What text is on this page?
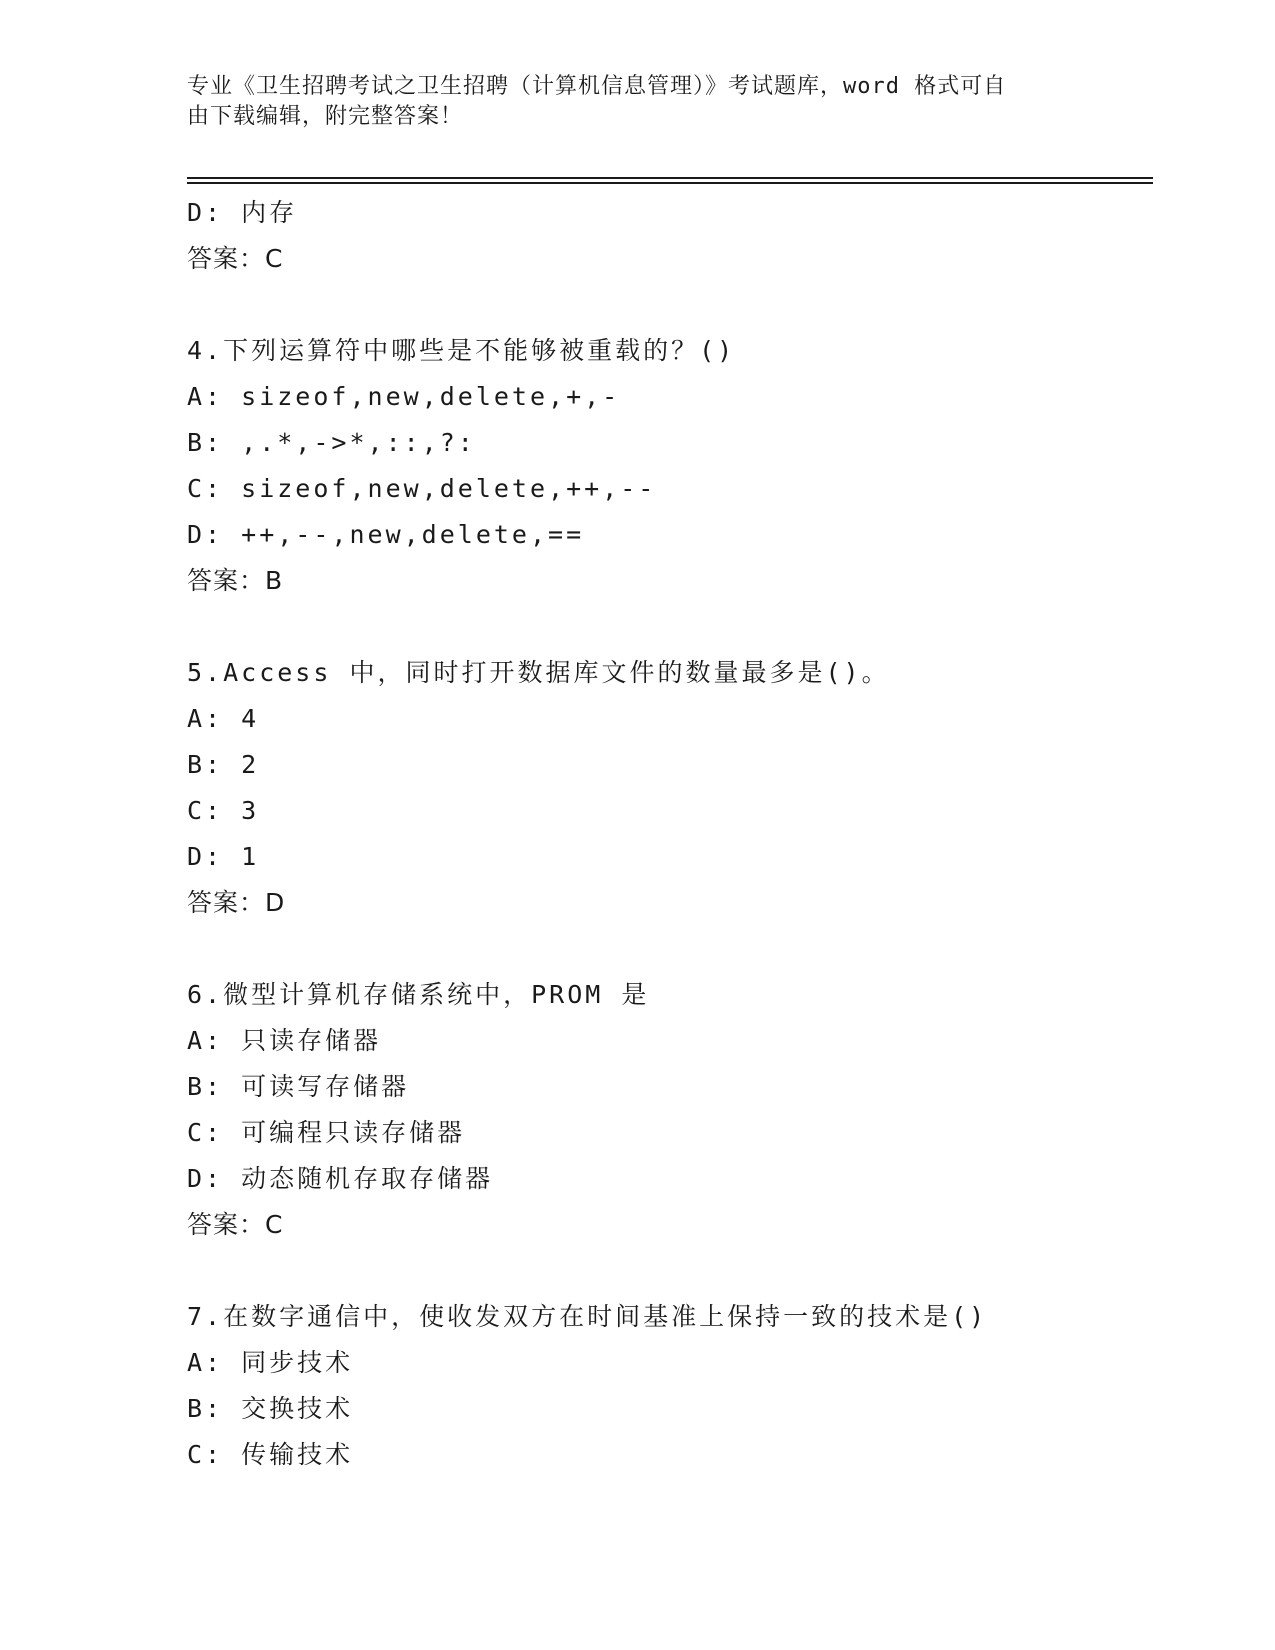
专业《卫生招聘考试之卫生招聘（计算机信息管理）》考试题库，word 格式可自
由下载编辑，附完整答案！
D: 内存
答案：C
4.下列运算符中哪些是不能够被重载的？()
A: sizeof,new,delete,+,-
B: ,.*,->*,::,?:
C: sizeof,new,delete,++,--
D: ++,--,new,delete,==
答案：B
5.Access 中，同时打开数据库文件的数量最多是()。
A: 4
B: 2
C: 3
D: 1
答案：D
6.微型计算机存储系统中，PROM 是
A: 只读存储器
B: 可读写存储器
C: 可编程只读存储器
D: 动态随机存取存储器
答案：C
7.在数字通信中，使收发双方在时间基准上保持一致的技术是()
A: 同步技术
B: 交换技术
C: 传输技术
